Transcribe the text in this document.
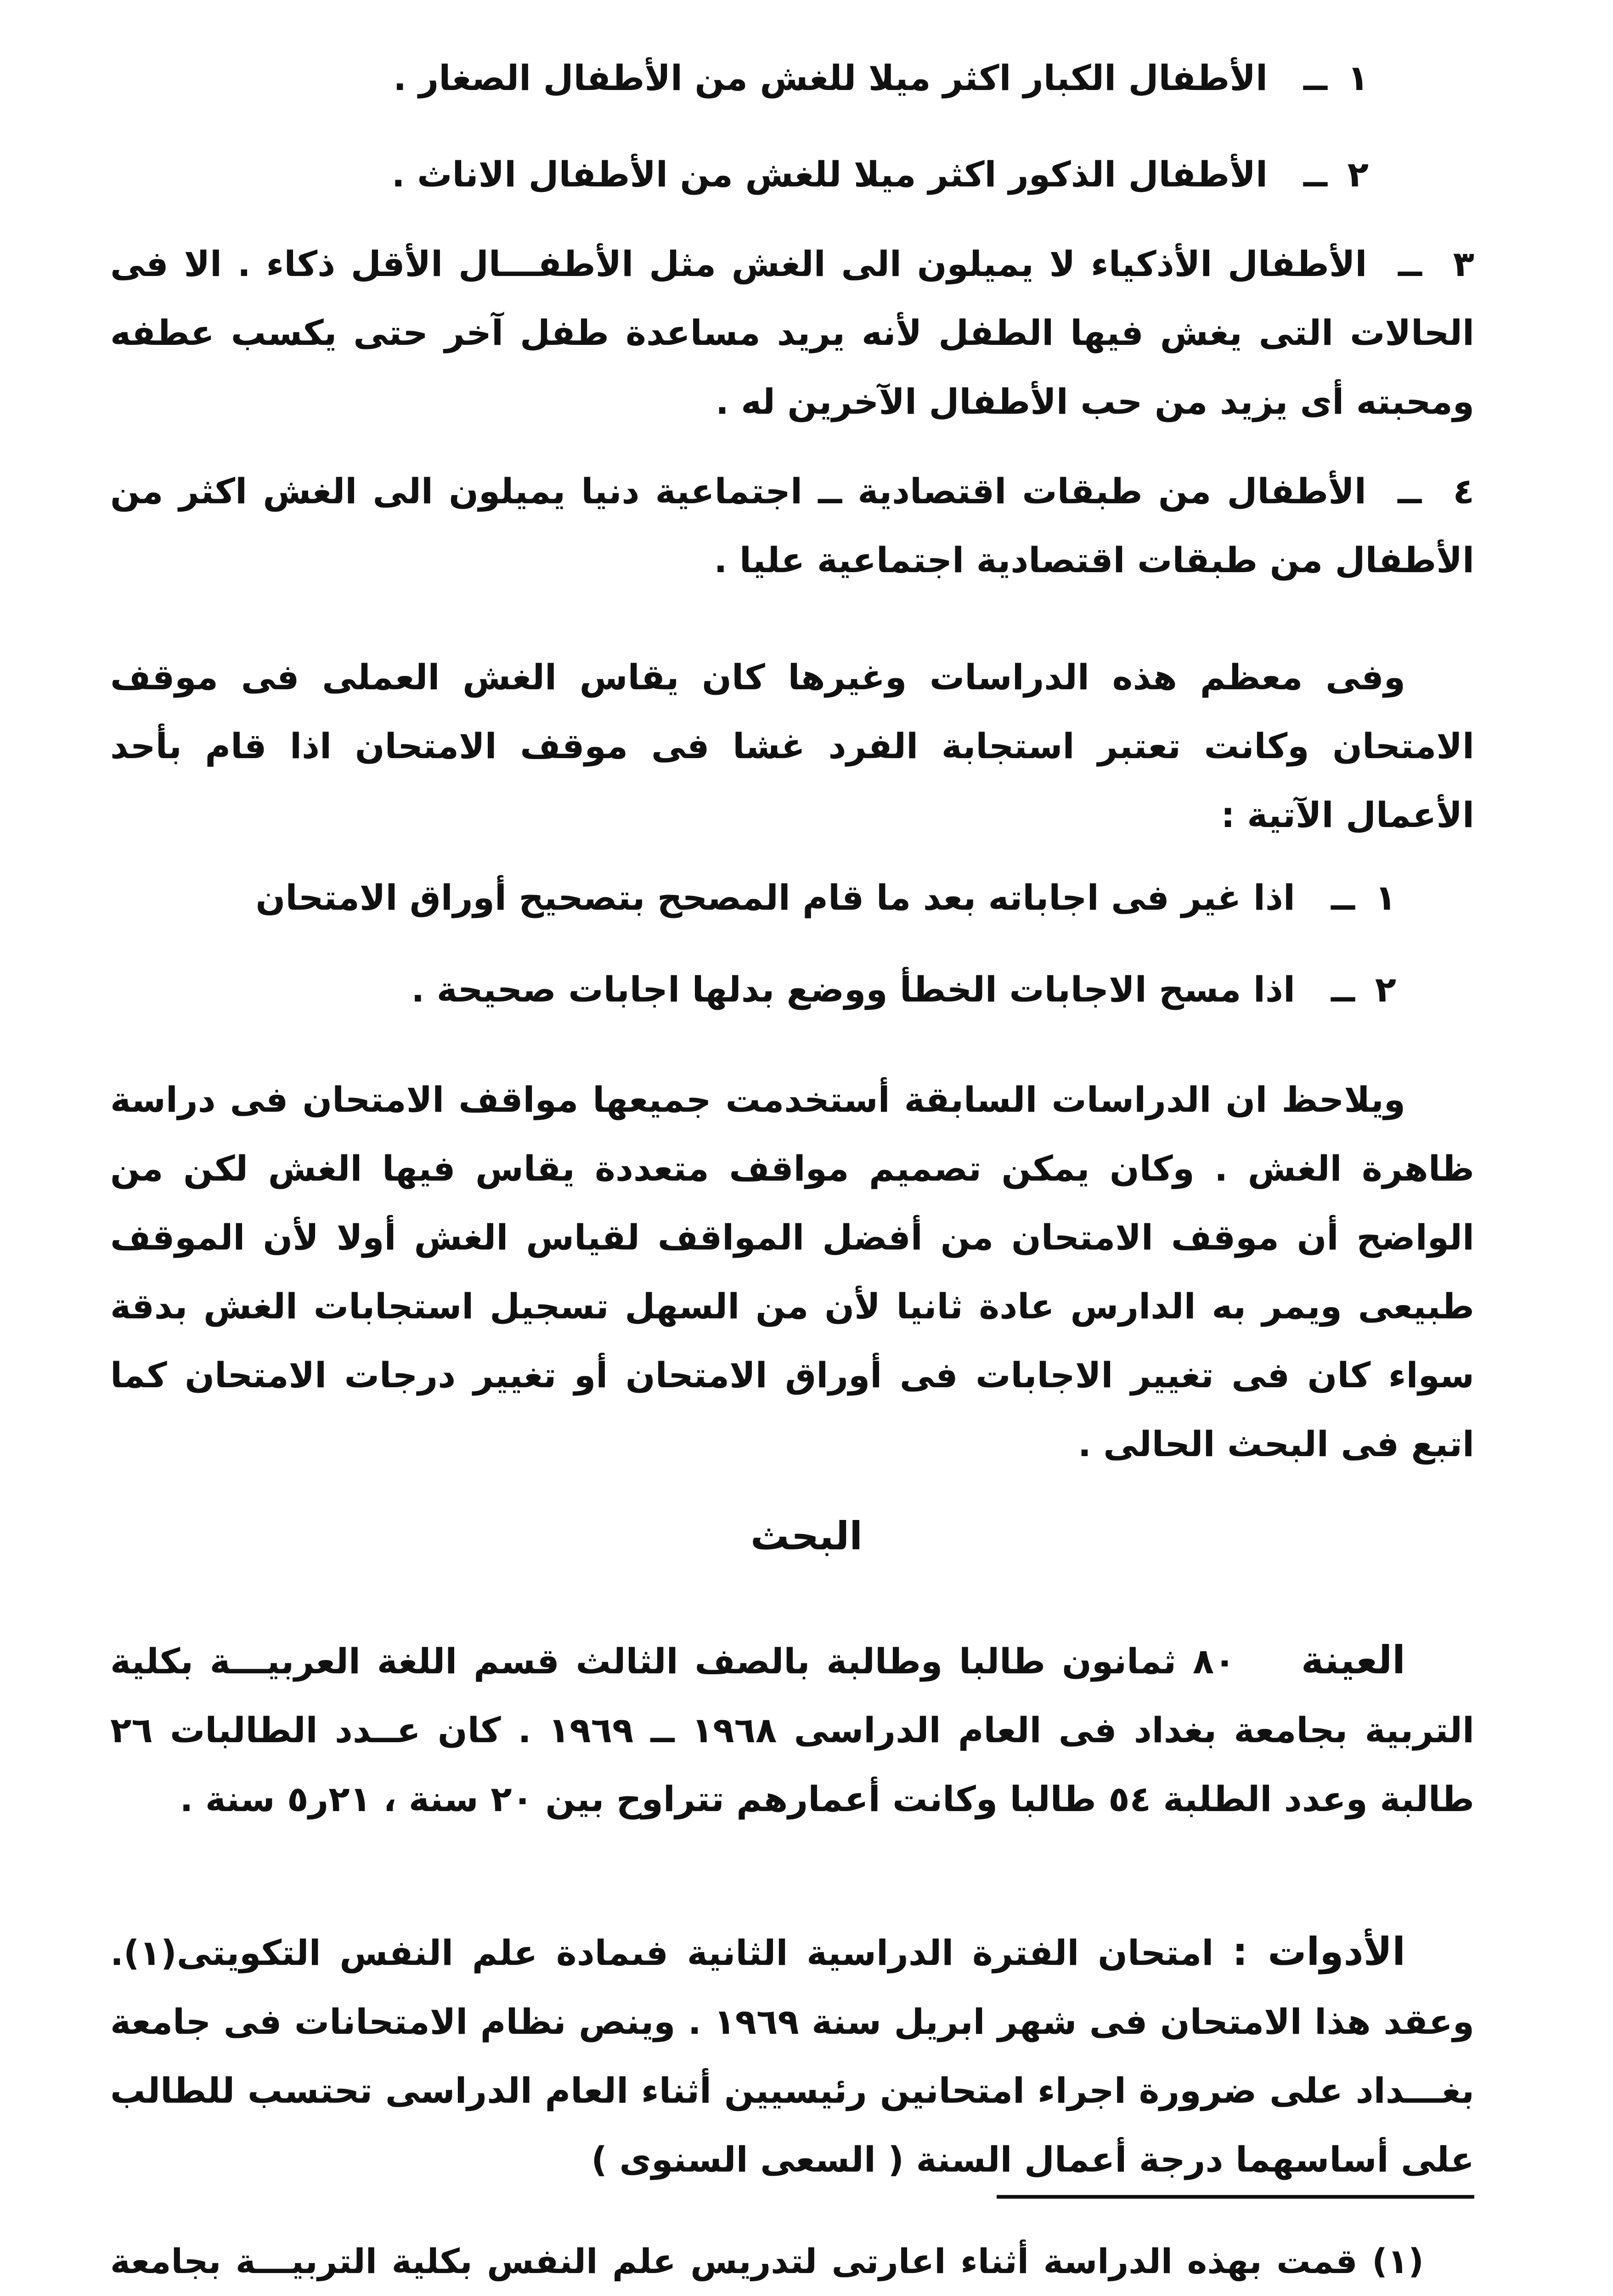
١
ــ
الأطفال الكبار اكثر ميلا للغش من الأطفال الصغار .
٢
ــ
الأطفال الذكور اكثر ميلا للغش من الأطفال الاناث .
٣  ــ  الأطفال الأذكياء لا يميلون الى الغش مثل الأطفـــال الأقل ذكاء . الا فى الحالات التى يغش فيها الطفل لأنه يريد مساعدة طفل آخر حتى يكسب عطفه ومحبته أى يزيد من حب الأطفال الآخرين له .
٤  ــ  الأطفال من طبقات اقتصادية ــ اجتماعية دنيا يميلون الى الغش اكثر من الأطفال من طبقات اقتصادية اجتماعية عليا .

وفى معظم هذه الدراسات وغيرها كان يقاس الغش العملى فى موقف الامتحان وكانت تعتبر استجابة الفرد غشا فى موقف الامتحان اذا قام بأحد الأعمال الآتية :

١
ــ
اذا غير فى اجاباته بعد ما قام المصحح بتصحيح أوراق الامتحان
٢
ــ
اذا مسح الاجابات الخطأ ووضع بدلها اجابات صحيحة .

ويلاحظ ان الدراسات السابقة أستخدمت جميعها مواقف الامتحان فى دراسة ظاهرة الغش . وكان يمكن تصميم مواقف متعددة يقاس فيها الغش لكن من الواضح أن موقف الامتحان من أفضل المواقف لقياس الغش أولا لأن الموقف طبيعى ويمر به الدارس عادة ثانيا لأن من السهل تسجيل استجابات الغش بدقة سواء كان فى تغيير الاجابات فى أوراق الامتحان أو تغيير درجات الامتحان كما اتبع فى البحث الحالى .

البحث

العينة    ٨٠ ثمانون طالبا وطالبة بالصف الثالث قسم اللغة العربيـــة بكلية التربية بجامعة بغداد فى العام الدراسى ١٩٦٨ ــ ١٩٦٩ . كان عــدد الطالبات ٢٦ طالبة وعدد الطلبة ٥٤ طالبا وكانت أعمارهم تتراوح بين ٢٠ سنة ، ٢١ر٥ سنة .

الأدوات : امتحان الفترة الدراسية الثانية فىمادة علم النفس التكويتى(١). وعقد هذا الامتحان فى شهر ابريل سنة ١٩٦٩ . وينص نظام الامتحانات فى جامعة بغـــداد على ضرورة اجراء امتحانين رئيسيين أثناء العام الدراسى تحتسب للطالب على أساسهما درجة أعمال السنة ( السعى السنوى )

(١) قمت بهذه الدراسة أثناء اعارتى لتدريس علم النفس بكلية التربيـــة بجامعة
